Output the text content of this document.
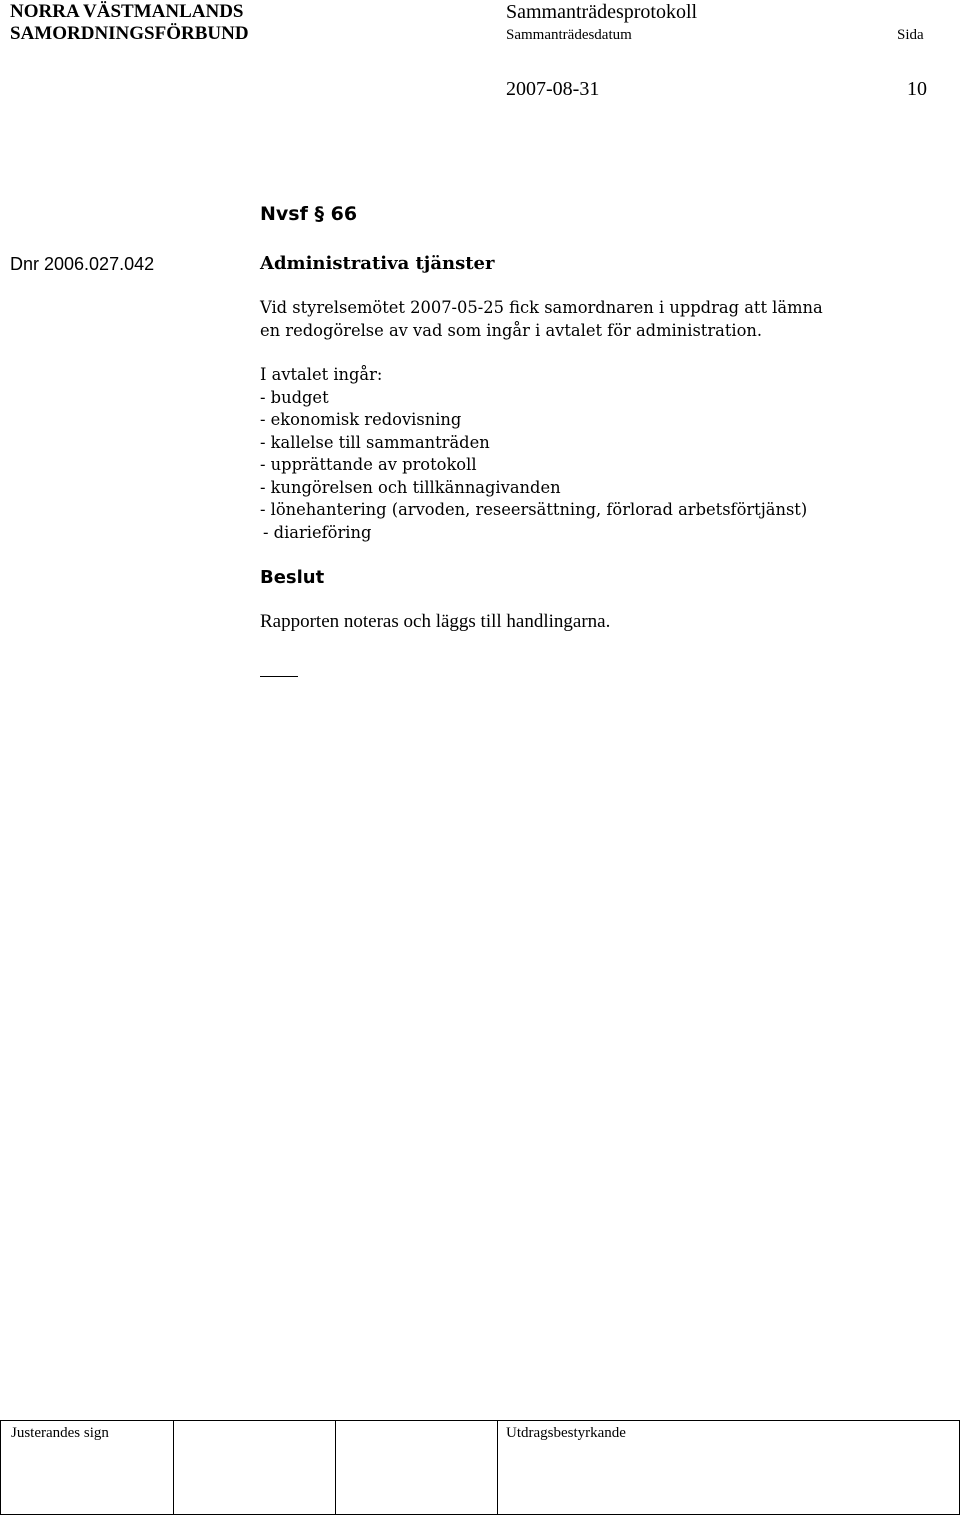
NORRA VÄSTMANLANDS
SAMORDNINGSFÖRBUND
Sammanträdesprotokoll
Sammanträdesdatum	Sida
2007-08-31	10
Nvsf § 66
Dnr 2006.027.042	Administrativa tjänster
Vid styrelsemötet 2007-05-25 fick samordnaren i uppdrag att lämna
en redogörelse av vad som ingår i avtalet för administration.
I avtalet ingår:
- budget
- ekonomisk redovisning
- kallelse till sammanträden
- upprättande av protokoll
- kungörelsen och tillkännagivanden
- lönehantering (arvoden, reseersättning, förlorad arbetsförtjänst)
- diarieföring
Beslut
Rapporten noteras och läggs till handlingarna.
Justerandes sign			Utdragsbestyrkande
